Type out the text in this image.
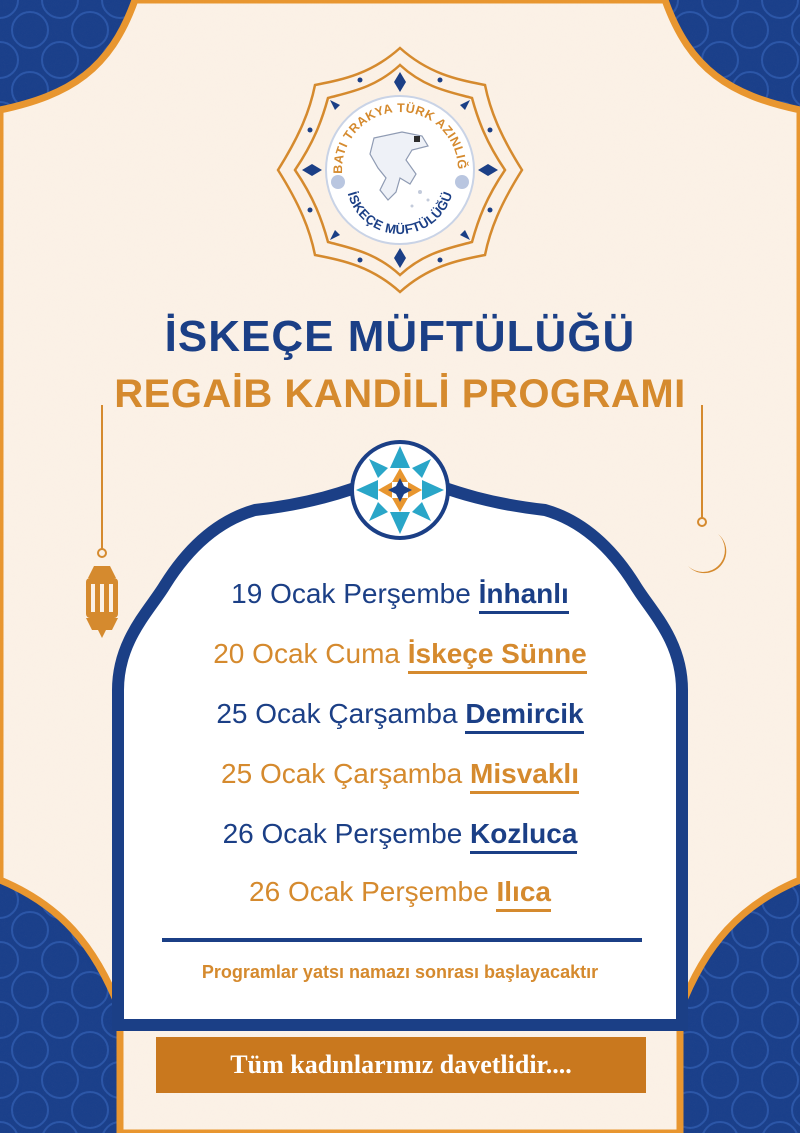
BATI TRAKYA TÜRK AZINLIĞ
İSKEÇE MÜFTÜLÜĞÜ
İSKEÇE MÜFTÜLÜĞÜ
REGAİB KANDİLİ PROGRAMI
19 Ocak Perşembe İnhanlı
20 Ocak Cuma İskeçe Sünne
25 Ocak Çarşamba Demircik
25 Ocak Çarşamba Misvaklı
26 Ocak Perşembe Kozluca
26 Ocak Perşembe Ilıca
Programlar yatsı namazı sonrası başlayacaktır
Tüm kadınlarımız davetlidir....
